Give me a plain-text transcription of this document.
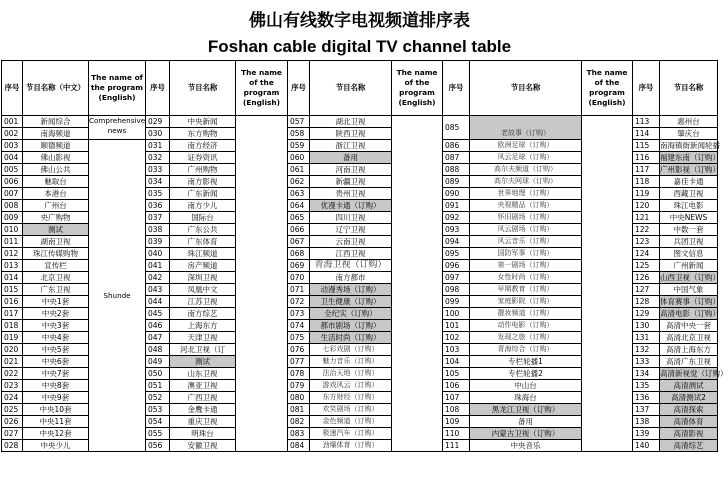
佛山有线数字电视频道排序表
Foshan cable digital TV channel table
序号	节目名称（中文）	The name of the program (English)	序号	节目名称	The name of the program (English)	序号	节目名称	The name of the program (English)	序号	节目名称	The name of the program (English)	序号	节目名称
001	新闻综合	Comprehensive news	029	中央新闻		057	湖北卫视		085	老故事（订购）		113	惠州台
002	南海频道		030	东方购物		058	陕西卫视					114	肇庆台
003	顺德频道	Shunde	031	南方经济		059	浙江卫视		086	欧洲足球（订购）		115	南海镇街新闻轮播
004	佛山影视		032	证券资讯		060	备用		087	风云足球（订购）		116	福建东南（订购）
005	佛山公共		033	广州购物		061	河南卫视		088	高尔夫频道（订购）		117	广州影视（订购）
006	魅取台		034	南方影视		062	新疆卫视		089	高尔夫网球（订购）		118	嘉佳卡通
007	本港台		035	广东新闻		063	贵州卫视		090	世界地理（订购）		119	西藏卫视
008	广州台		036	南方少儿		064	优漫卡通（订购）		091	央视精品（订购）		120	珠江电影
009	央广购物		037	国际台		065	四川卫视		092	怀旧剧场（订购）		121	中央NEWS
010	测试		038	广东公共		066	辽宁卫视		093	风云剧场（订购）		122	中数一套
011	湖南卫视		039	广东体育		067	云南卫视		094	风云音乐（订购）		123	兵团卫视
012	珠江传媒购物		040	珠江频道		068	江西卫视		095	国防军事（订购）		124	图文信息
013	宣传栏		041	房产频道		069	青海卫视（订购）		096	第一剧场（订购）		125	广州新闻
014	北京卫视		042	深圳卫视		070	南方都市		097	女性时尚（订购）		126	山西卫视（订购）
015	广东卫视		043	凤凰中文		071	动漫秀场（订购）		098	早期教育（订购）		127	中国气象
016	中央1套		044	江苏卫视		072	卫生健康（订购）		099	家庭影院（订购）		128	体育赛事（订购）
017	中央2套		045	南方综艺		073	全纪实（订购）		100	靓妆频道（订购）		129	高清电影（订购）
018	中央3套		046	上海东方		074	都市剧场（订购）		101	动作电影（订购）		130	高清中央一套
019	中央4套		047	天津卫视		075	生活时尚（订购）		102	发现之旅（订购）		131	高清北京卫视
020	中央5套		048	河北卫视（订		076	七彩戏剧（订购）		103	青海综合（订购）		132	高清上海东方
021	中央6套		049	测试		077	魅力音乐（订购）		104	专栏轮播1		133	高清广东卫视
022	中央7套		050	山东卫视		078	法治天地（订购）		105	专栏轮播2		134	高清新视觉（订购）
023	中央8套		051	澳亚卫视		079	游戏风云（订购）		106	中山台		135	高清测试
024	中央9套		052	广西卫视		080	东方财经（订购）		107	珠海台		136	高清测试2
025	中央10套		053	金鹰卡通		081	欢笑剧场（订购）		108	黑龙江卫视（订购）		137	高清探索
026	中央11套		054	重庆卫视		082	金色频道（订购）		109	备用		138	高清体育
027	中央12套		055	明珠台		083	极速汽车（订购）		110	内蒙古卫视（订购）		139	高清影视
028	中央少儿		056	安徽卫视		084	劲爆体育（订购）		111	中央音乐		140	高清综艺
